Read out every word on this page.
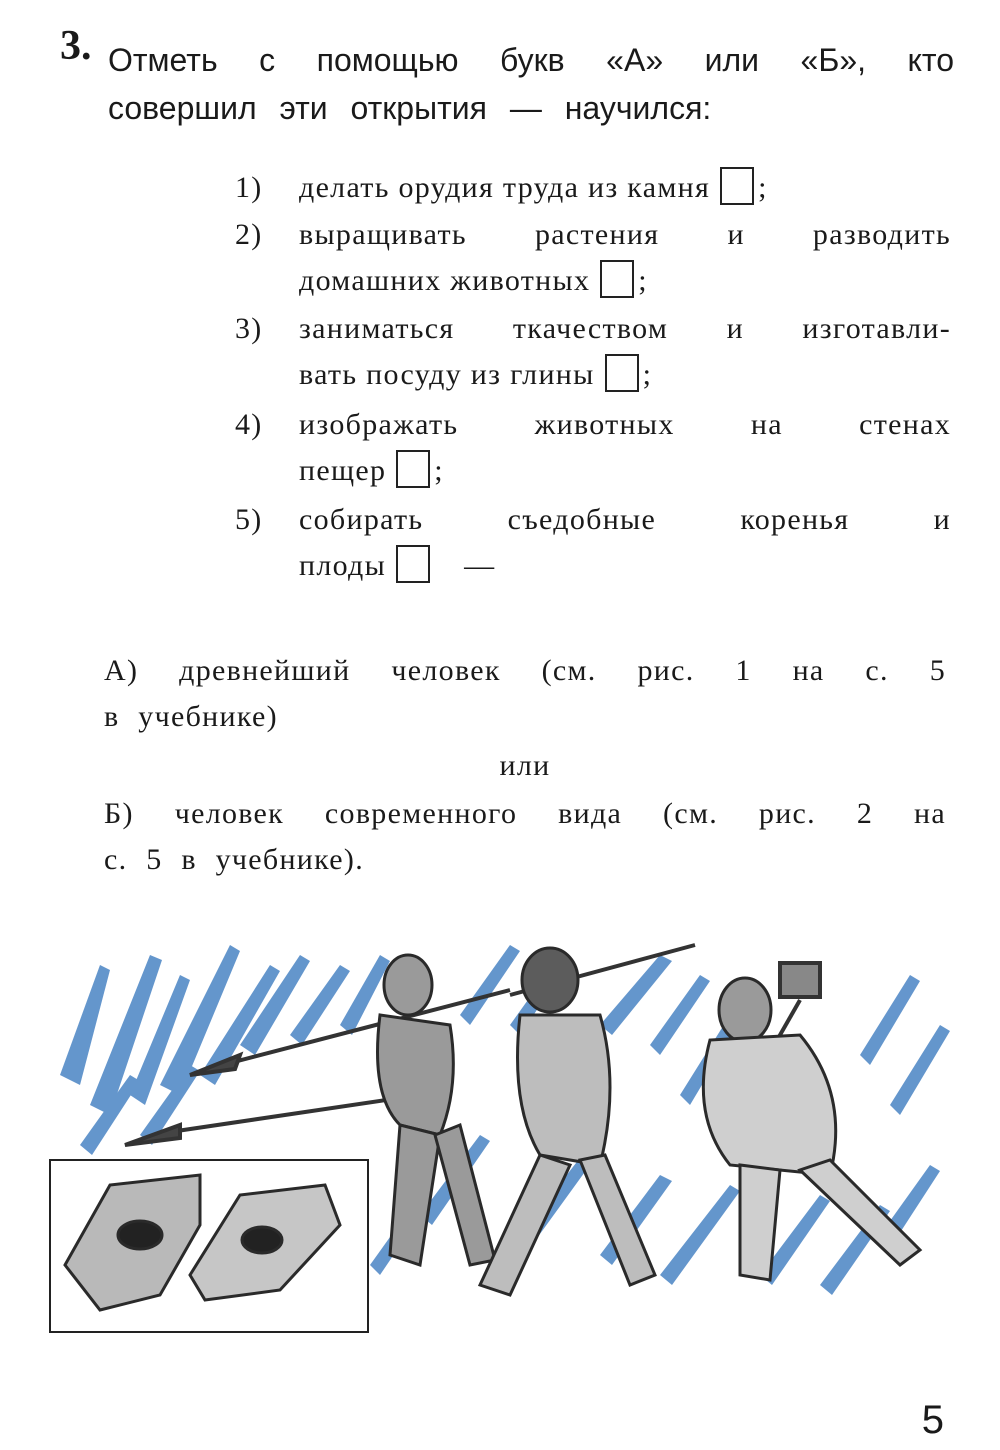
3. Отметь с помощью букв «А» или «Б», кто
совершил эти открытия — научился:
1) делать орудия труда из камня ;
2) выращивать растения и разводить
домашних животных ;
3) заниматься ткачеством и изготавли-
вать посуду из глины ;
4) изображать животных на стенах
пещер ;
5) собирать съедобные коренья и
плоды	—
А) древнейший человек (см. рис. 1 на с. 5
в учебнике)
или
Б) человек современного вида (см. рис. 2 на
с. 5 в учебнике).
5
